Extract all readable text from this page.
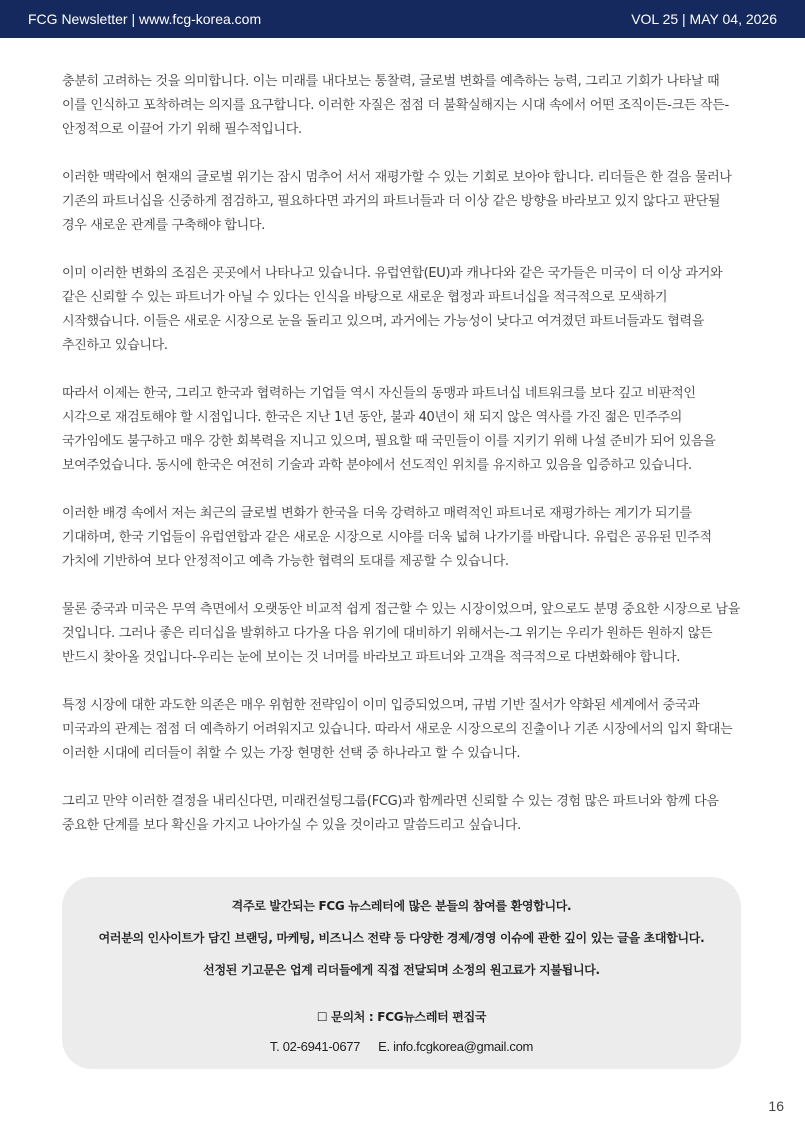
FCG Newsletter | www.fcg-korea.com	VOL 25 | MAY 04, 2026

충분히 고려하는 것을 의미합니다. 이는 미래를 내다보는 통찰력, 글로벌 변화를 예측하는 능력, 그리고 기회가 나타날 때 이를 인식하고 포착하려는 의지를 요구합니다. 이러한 자질은 점점 더 불확실해지는 시대 속에서 어떤 조직이든-크든 작든-안정적으로 이끌어 가기 위해 필수적입니다.

이러한 맥락에서 현재의 글로벌 위기는 잠시 멈추어 서서 재평가할 수 있는 기회로 보아야 합니다. 리더들은 한 걸음 물러나 기존의 파트너십을 신중하게 점검하고, 필요하다면 과거의 파트너들과 더 이상 같은 방향을 바라보고 있지 않다고 판단될 경우 새로운 관계를 구축해야 합니다.

이미 이러한 변화의 조짐은 곳곳에서 나타나고 있습니다. 유럽연합(EU)과 캐나다와 같은 국가들은 미국이 더 이상 과거와 같은 신뢰할 수 있는 파트너가 아닐 수 있다는 인식을 바탕으로 새로운 협정과 파트너십을 적극적으로 모색하기 시작했습니다. 이들은 새로운 시장으로 눈을 돌리고 있으며, 과거에는 가능성이 낮다고 여겨졌던 파트너들과도 협력을 추진하고 있습니다.

따라서 이제는 한국, 그리고 한국과 협력하는 기업들 역시 자신들의 동맹과 파트너십 네트워크를 보다 깊고 비판적인 시각으로 재검토해야 할 시점입니다. 한국은 지난 1년 동안, 불과 40년이 채 되지 않은 역사를 가진 젊은 민주주의 국가임에도 불구하고 매우 강한 회복력을 지니고 있으며, 필요할 때 국민들이 이를 지키기 위해 나설 준비가 되어 있음을 보여주었습니다. 동시에 한국은 여전히 기술과 과학 분야에서 선도적인 위치를 유지하고 있음을 입증하고 있습니다.

이러한 배경 속에서 저는 최근의 글로벌 변화가 한국을 더욱 강력하고 매력적인 파트너로 재평가하는 계기가 되기를 기대하며, 한국 기업들이 유럽연합과 같은 새로운 시장으로 시야를 더욱 넓혀 나가기를 바랍니다. 유럽은 공유된 민주적 가치에 기반하여 보다 안정적이고 예측 가능한 협력의 토대를 제공할 수 있습니다.

물론 중국과 미국은 무역 측면에서 오랫동안 비교적 쉽게 접근할 수 있는 시장이었으며, 앞으로도 분명 중요한 시장으로 남을 것입니다. 그러나 좋은 리더십을 발휘하고 다가올 다음 위기에 대비하기 위해서는-그 위기는 우리가 원하든 원하지 않든 반드시 찾아올 것입니다-우리는 눈에 보이는 것 너머를 바라보고 파트너와 고객을 적극적으로 다변화해야 합니다.

특정 시장에 대한 과도한 의존은 매우 위험한 전략임이 이미 입증되었으며, 규범 기반 질서가 약화된 세계에서 중국과 미국과의 관계는 점점 더 예측하기 어려워지고 있습니다. 따라서 새로운 시장으로의 진출이나 기존 시장에서의 입지 확대는 이러한 시대에 리더들이 취할 수 있는 가장 현명한 선택 중 하나라고 할 수 있습니다.

그리고 만약 이러한 결정을 내리신다면, 미래컨설팅그룹(FCG)과 함께라면 신뢰할 수 있는 경험 많은 파트너와 함께 다음 중요한 단계를 보다 확신을 가지고 나아가실 수 있을 것이라고 말씀드리고 싶습니다.

격주로 발간되는 FCG 뉴스레터에 많은 분들의 참여를 환영합니다.
여러분의 인사이트가 담긴 브랜딩, 마케팅, 비즈니스 전략 등 다양한 경제/경영 이슈에 관한 깊이 있는 글을 초대합니다.
선정된 기고문은 업계 리더들에게 직접 전달되며 소정의 원고료가 지불됩니다.
☐ 문의처 : FCG뉴스레터 편집국
T. 02-6941-0677 E. info.fcgkorea@gmail.com
16
